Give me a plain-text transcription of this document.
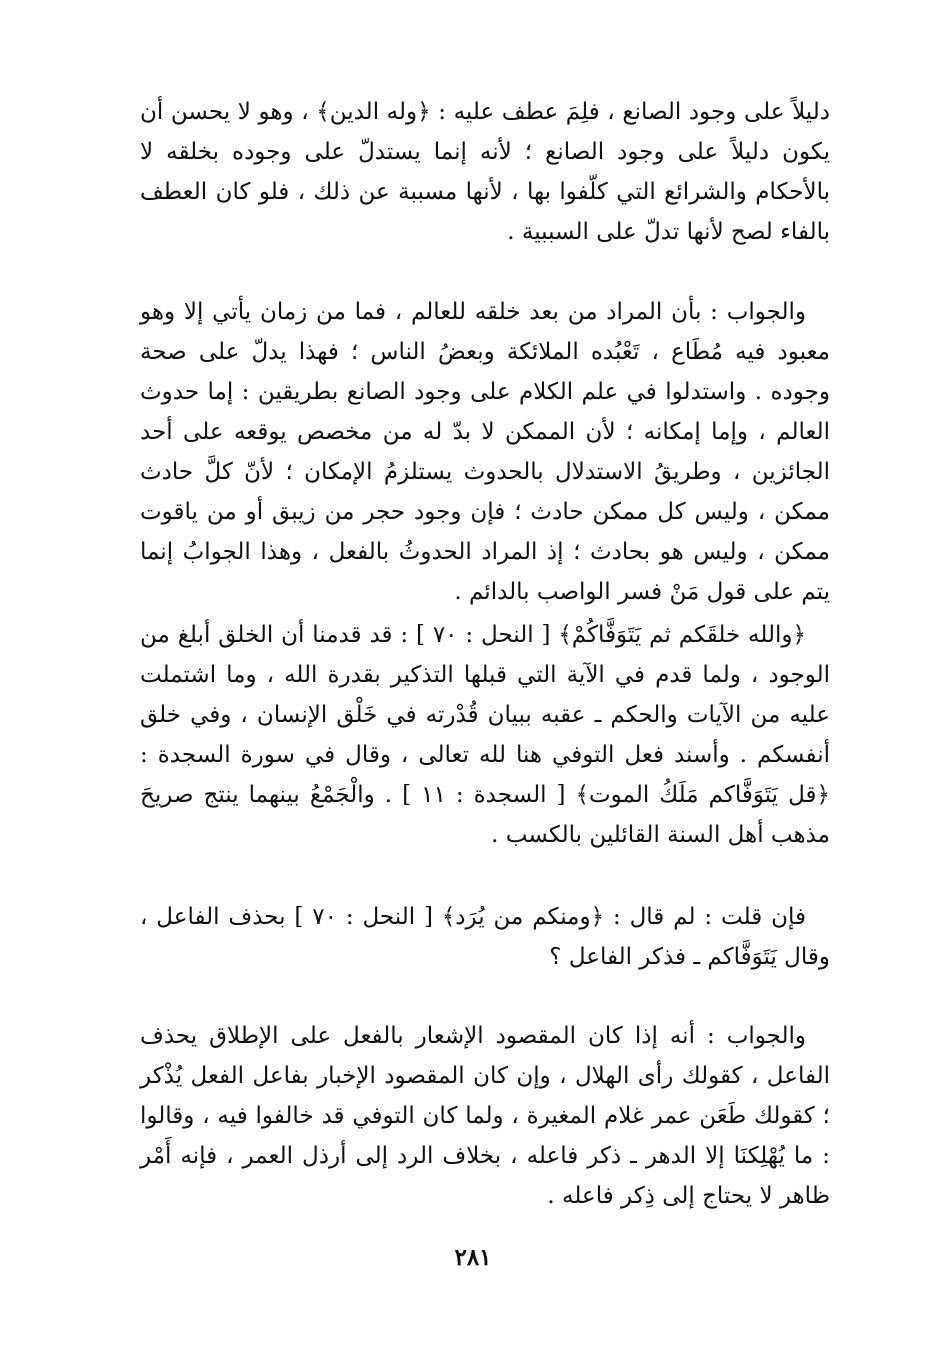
دليلاً على وجود الصانع ، فلِمَ عطف عليه : ﴿وله الدين﴾ ، وهو لا يحسن أن يكون دليلاً على وجود الصانع ؛ لأنه إنما يستدلّ على وجوده بخلقه لا بالأحكام والشرائع التي كلّفوا بها ، لأنها مسببة عن ذلك ، فلو كان العطف بالفاء لصح لأنها تدلّ على السببية .

والجواب : بأن المراد من بعد خلقه للعالم ، فما من زمان يأتي إلا وهو معبود فيه مُطَاع ، تَعْبُده الملائكة وبعضُ الناس ؛ فهذا يدلّ على صحة وجوده . واستدلوا في علم الكلام على وجود الصانع بطريقين : إما حدوث العالم ، وإما إمكانه ؛ لأن الممكن لا بدّ له من مخصص يوقعه على أحد الجائزين ، وطريقُ الاستدلال بالحدوث يستلزمُ الإمكان ؛ لأنّ كلَّ حادث ممكن ، وليس كل ممكن حادث ؛ فإن وجود حجر من زيبق أو من ياقوت ممكن ، وليس هو بحادث ؛ إذ المراد الحدوثُ بالفعل ، وهذا الجوابُ إنما يتم على قول مَنْ فسر الواصب بالدائم .

﴿والله خلقَكم ثم يَتَوَفَّاكُمْ﴾ [ النحل : ٧٠ ] : قد قدمنا أن الخلق أبلغ من الوجود ، ولما قدم في الآية التي قبلها التذكير بقدرة الله ، وما اشتملت عليه من الآيات والحكم ـ عقبه ببيان قُدْرته في خَلْق الإنسان ، وفي خلق أنفسكم . وأسند فعل التوفي هنا لله تعالى ، وقال في سورة السجدة : ﴿قل يَتَوَفَّاكم مَلَكُ الموت﴾ [ السجدة : ١١ ] . والْجَمْعُ بينهما ينتج صريحَ مذهب أهل السنة القائلين بالكسب .

فإن قلت : لم قال : ﴿ومنكم من يُرَد﴾ [ النحل : ٧٠ ] بحذف الفاعل ، وقال يَتَوَفَّاكم ـ فذكر الفاعل ؟

والجواب : أنه إذا كان المقصود الإشعار بالفعل على الإطلاق يحذف الفاعل ، كقولك رأى الهلال ، وإن كان المقصود الإخبار بفاعل الفعل يُذْكر ؛ كقولك طَعَن عمر غلام المغيرة ، ولما كان التوفي قد خالفوا فيه ، وقالوا : ما يُهْلِكنَا إلا الدهر ـ ذكر فاعله ، بخلاف الرد إلى أرذل العمر ، فإنه أَمْر ظاهر لا يحتاج إلى ذِكر فاعله .

٢٨١
